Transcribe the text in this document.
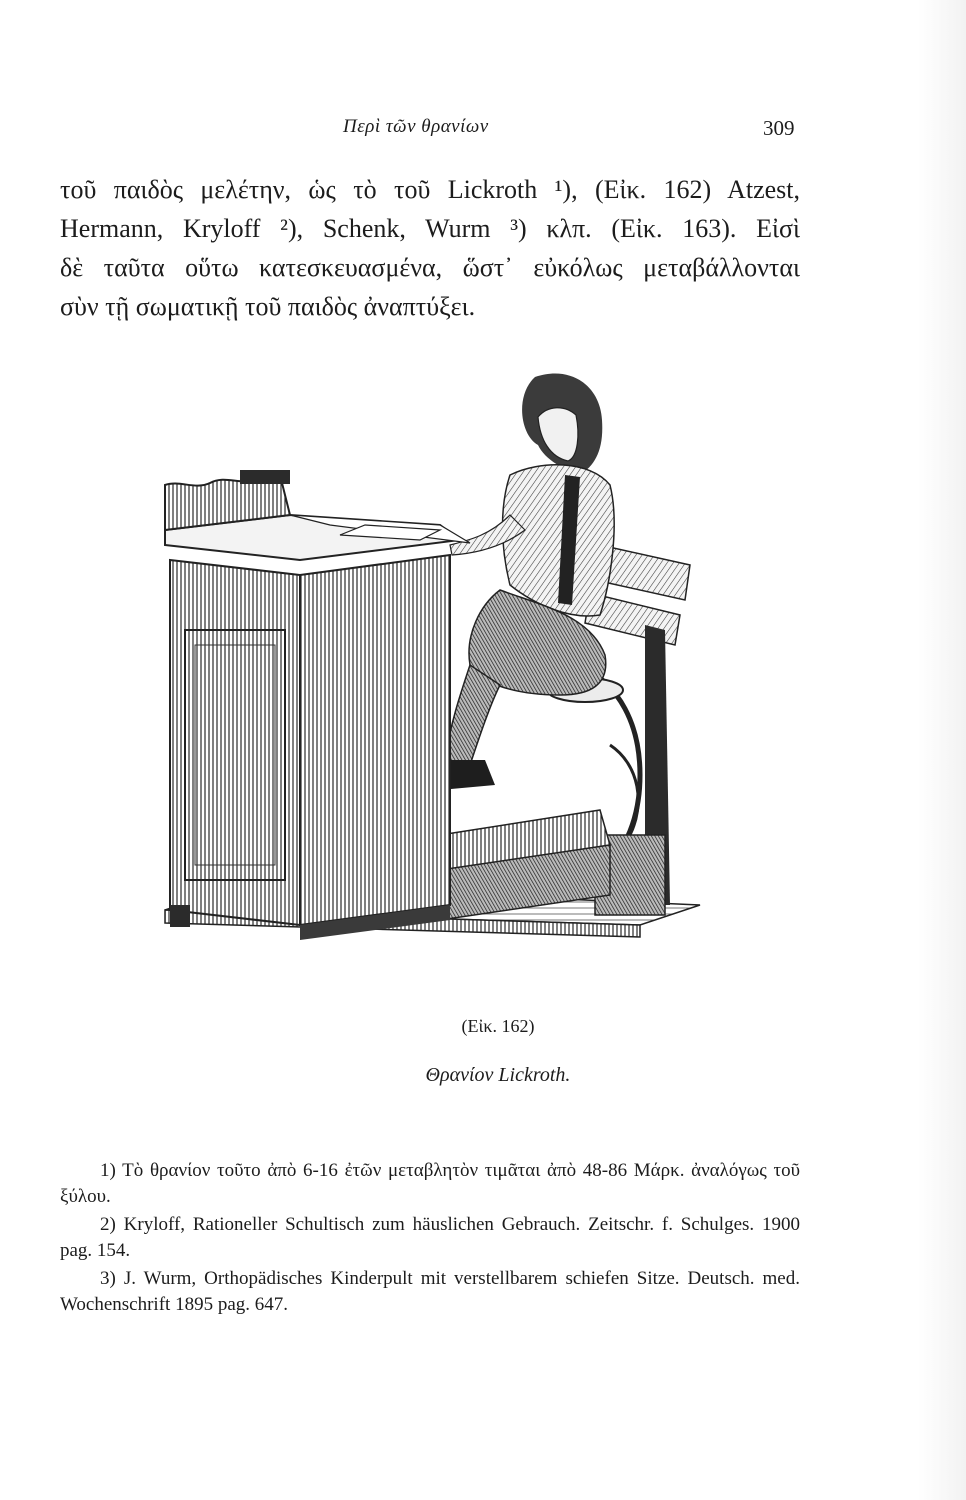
Περὶ τῶν θρανίων	309
τοῦ παιδὸς μελέτην, ὡς τὸ τοῦ Lickroth ¹), (Εἰκ. 162) Atzest,
Hermann, Kryloff ²), Schenk, Wurm ³) κλπ. (Εἰκ. 163). Εἰσὶ
δὲ ταῦτα οὕτω κατεσκευασμένα, ὥστ᾽ εὐκόλως μεταβάλλονται
σὺν τῇ σωματικῇ τοῦ παιδὸς ἀναπτύξει.
(Εἰκ. 162)
Θρανίον Lickroth.
1) Τὸ θρανίον τοῦτο ἀπὸ 6-16 ἐτῶν μεταβλητὸν τιμᾶται ἀπὸ 48-86 Μάρκ. ἀναλόγως τοῦ ξύλου.
2) Kryloff, Rationeller Schultisch zum häuslichen Gebrauch. Zeitschr. f. Schulges. 1900 pag. 154.
3) J. Wurm, Orthopädisches Kinderpult mit verstellbarem schiefen Sitze. Deutsch. med. Wochenschrift 1895 pag. 647.
